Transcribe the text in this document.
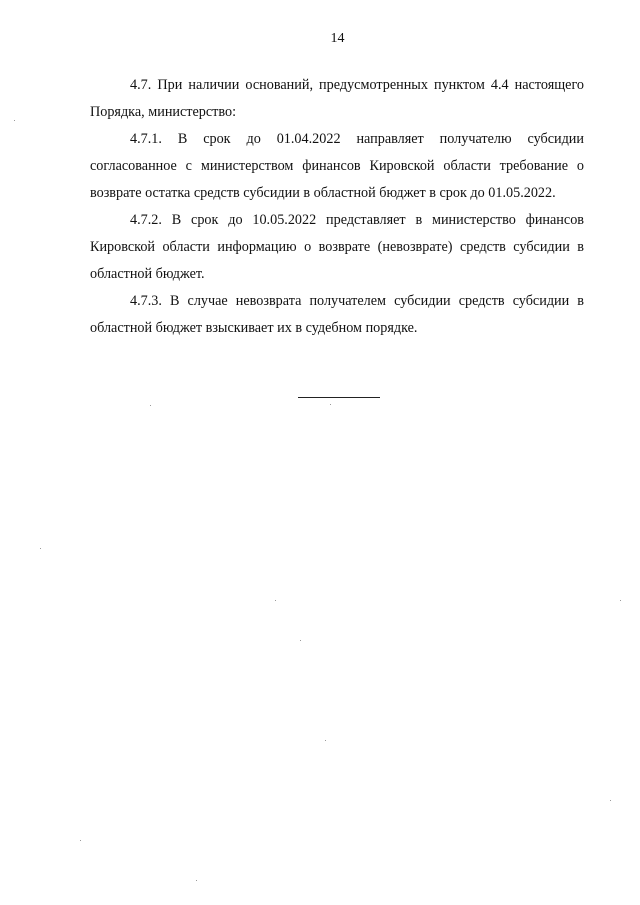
14

4.7. При наличии оснований, предусмотренных пунктом 4.4 настоящего Порядка, министерство:

4.7.1. В срок до 01.04.2022 направляет получателю субсидии согласованное с министерством финансов Кировской области требование о возврате остатка средств субсидии в областной бюджет в срок до 01.05.2022.

4.7.2. В срок до 10.05.2022 представляет в министерство финансов Кировской области информацию о возврате (невозврате) средств субсидии в областной бюджет.

4.7.3. В случае невозврата получателем субсидии средств субсидии в областной бюджет взыскивает их в судебном порядке.
